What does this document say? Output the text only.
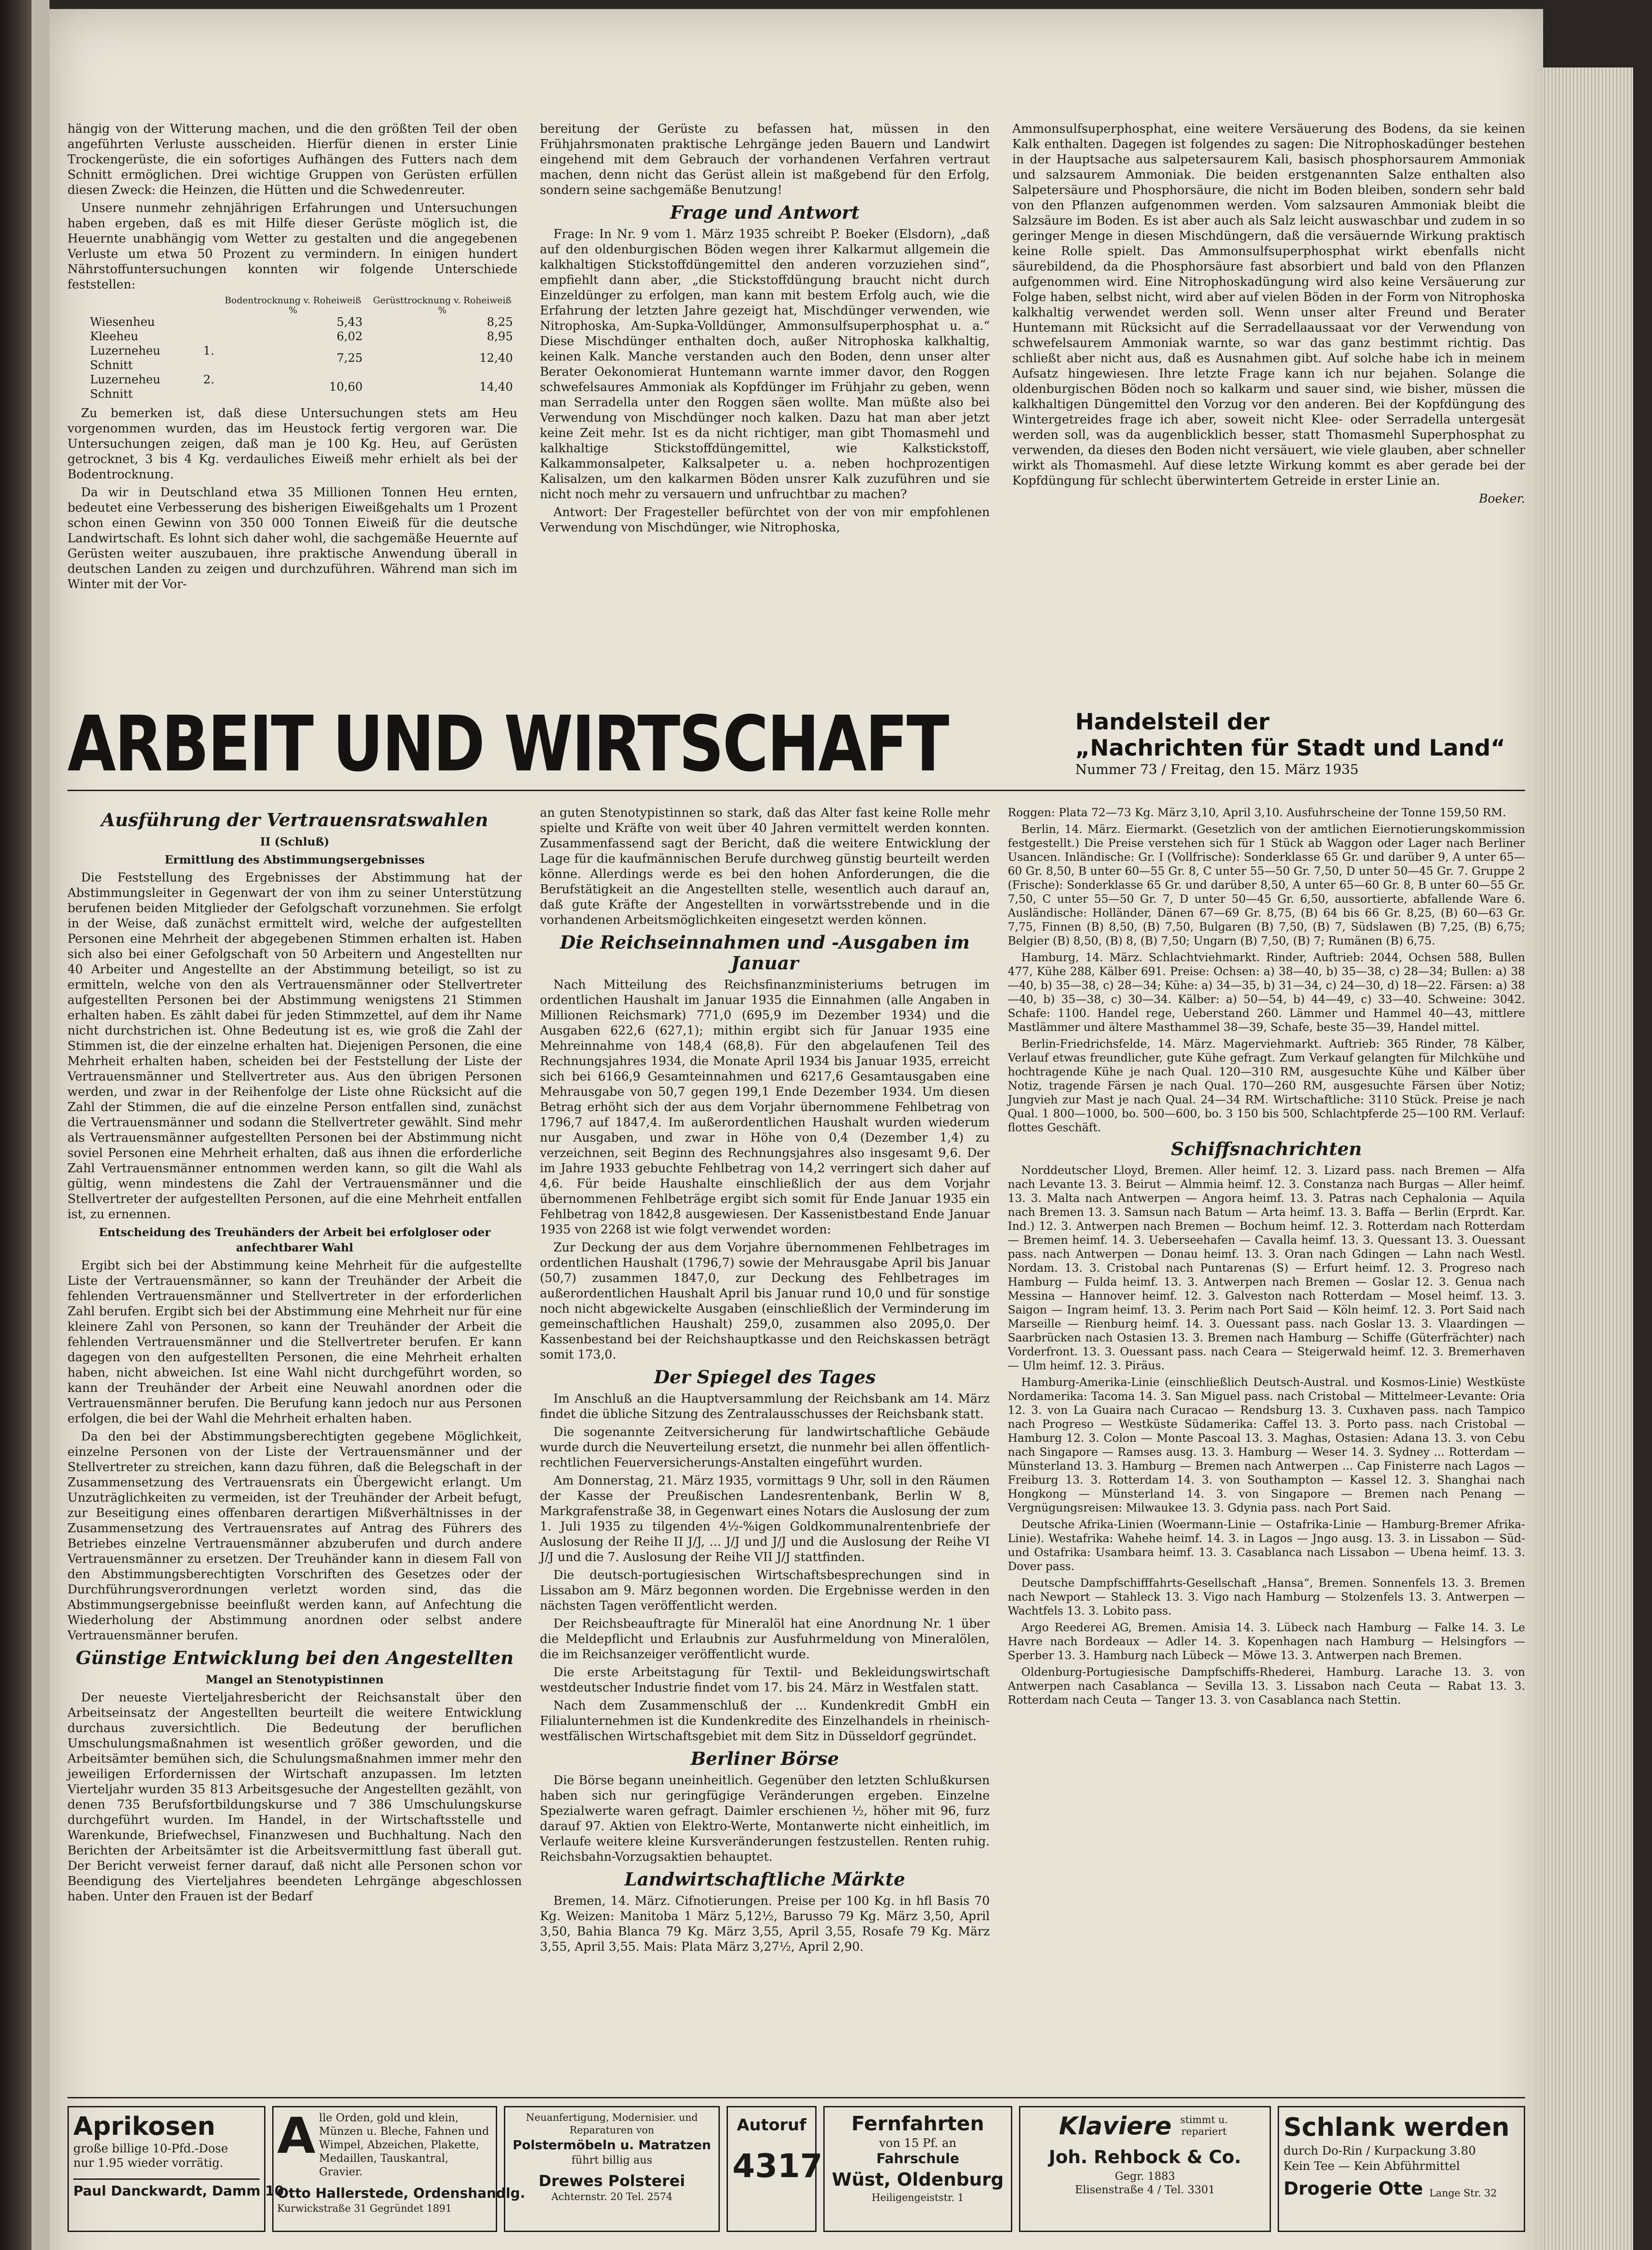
hängig von der Witterung machen, und die den größten Teil der oben angeführten Verluste ausscheiden. Hierfür dienen in erster Linie Trockengerüste, die ein sofortiges Aufhängen des Futters nach dem Schnitt ermöglichen. Drei wichtige Gruppen von Gerüsten erfüllen diesen Zweck: die Heinzen, die Hütten und die Schwedenreuter.

Unsere nunmehr zehnjährigen Erfahrungen und Untersuchungen haben ergeben, daß es mit Hilfe dieser Gerüste möglich ist, die Heuernte unabhängig vom Wetter zu gestalten und die angegebenen Verluste um etwa 50 Prozent zu vermindern. In einigen hundert Nährstoffuntersuchungen konnten wir folgende Unterschiede feststellen:

	Bodentrocknung v. Roheiweiß %	Gerüsttrocknung v. Roheiweiß %
Wiesenheu	5,43	8,25
Kleeheu	6,02	8,95
Luzerneheu 1. Schnitt	7,25	12,40
Luzerneheu 2. Schnitt	10,60	14,40

Zu bemerken ist, daß diese Untersuchungen stets am Heu vorgenommen wurden, das im Heustock fertig vergoren war. Die Untersuchungen zeigen, daß man je 100 Kg. Heu, auf Gerüsten getrocknet, 3 bis 4 Kg. verdauliches Eiweiß mehr erhielt als bei der Bodentrocknung.

Da wir in Deutschland etwa 35 Millionen Tonnen Heu ernten, bedeutet eine Verbesserung des bisherigen Eiweißgehalts um 1 Prozent schon einen Gewinn von 350 000 Tonnen Eiweiß für die deutsche Landwirtschaft. Es lohnt sich daher wohl, die sachgemäße Heuernte auf Gerüsten weiter auszubauen, ihre praktische Anwendung überall in deutschen Landen zu zeigen und durchzuführen. Während man sich im Winter mit der Vor-

bereitung der Gerüste zu befassen hat, müssen in den Frühjahrsmonaten praktische Lehrgänge jeden Bauern und Landwirt eingehend mit dem Gebrauch der vorhandenen Verfahren vertraut machen, denn nicht das Gerüst allein ist maßgebend für den Erfolg, sondern seine sachgemäße Benutzung!

Frage und Antwort

Frage: In Nr. 9 vom 1. März 1935 schreibt P. Boeker (Elsdorn), „daß auf den oldenburgischen Böden wegen ihrer Kalkarmut allgemein die kalkhaltigen Stickstoffdüngemittel den anderen vorzuziehen sind“, empfiehlt dann aber, „die Stickstoffdüngung braucht nicht durch Einzeldünger zu erfolgen, man kann mit bestem Erfolg auch, wie die Erfahrung der letzten Jahre gezeigt hat, Mischdünger verwenden, wie Nitrophoska, Am-Supka-Volldünger, Ammonsulfsuperphosphat u. a.“ Diese Mischdünger enthalten doch, außer Nitrophoska kalkhaltig, keinen Kalk. Manche verstanden auch den Boden, denn unser alter Berater Oekonomierat Huntemann warnte immer davor, den Roggen schwefelsaures Ammoniak als Kopfdünger im Frühjahr zu geben, wenn man Serradella unter den Roggen säen wollte. Man müßte also bei Verwendung von Mischdünger noch kalken. Dazu hat man aber jetzt keine Zeit mehr. Ist es da nicht richtiger, man gibt Thomasmehl und kalkhaltige Stickstoffdüngemittel, wie Kalkstickstoff, Kalkammonsalpeter, Kalksalpeter u. a. neben hochprozentigen Kalisalzen, um den kalkarmen Böden unsrer Kalk zuzuführen und sie nicht noch mehr zu versauern und unfruchtbar zu machen?

Antwort: Der Fragesteller befürchtet von der von mir empfohlenen Verwendung von Mischdünger, wie Nitrophoska,

Ammonsulfsuperphosphat, eine weitere Versäuerung des Bodens, da sie keinen Kalk enthalten. Dagegen ist folgendes zu sagen: Die Nitrophoskadünger bestehen in der Hauptsache aus salpetersaurem Kali, basisch phosphorsaurem Ammoniak und salzsaurem Ammoniak. Die beiden erstgenannten Salze enthalten also Salpetersäure und Phosphorsäure, die nicht im Boden bleiben, sondern sehr bald von den Pflanzen aufgenommen werden. Vom salzsauren Ammoniak bleibt die Salzsäure im Boden. Es ist aber auch als Salz leicht auswaschbar und zudem in so geringer Menge in diesen Mischdüngern, daß die versäuernde Wirkung praktisch keine Rolle spielt. Das Ammonsulfsuperphosphat wirkt ebenfalls nicht säurebildend, da die Phosphorsäure fast absorbiert und bald von den Pflanzen aufgenommen wird. Eine Nitrophoskadüngung wird also keine Versäuerung zur Folge haben, selbst nicht, wird aber auf vielen Böden in der Form von Nitrophoska kalkhaltig verwendet werden soll. Wenn unser alter Freund und Berater Huntemann mit Rücksicht auf die Serradellaaussaat vor der Verwendung von schwefelsaurem Ammoniak warnte, so war das ganz bestimmt richtig. Das schließt aber nicht aus, daß es Ausnahmen gibt. Auf solche habe ich in meinem Aufsatz hingewiesen. Ihre letzte Frage kann ich nur bejahen. Solange die oldenburgischen Böden noch so kalkarm und sauer sind, wie bisher, müssen die kalkhaltigen Düngemittel den Vorzug vor den anderen. Bei der Kopfdüngung des Wintergetreides frage ich aber, soweit nicht Klee- oder Serradella untergesät werden soll, was da augenblicklich besser, statt Thomasmehl Superphosphat zu verwenden, da dieses den Boden nicht versäuert, wie viele glauben, aber schneller wirkt als Thomasmehl. Auf diese letzte Wirkung kommt es aber gerade bei der Kopfdüngung für schlecht überwintertem Getreide in erster Linie an.

Boeker.
ARBEIT UND WIRTSCHAFT	Handelsteil der
„Nachrichten für Stadt und Land“
Nummer 73 / Freitag, den 15. März 1935
Ausführung der Vertrauensratswahlen
II (Schluß)
Ermittlung des Abstimmungsergebnisses

Die Feststellung des Ergebnisses der Abstimmung hat der Abstimmungsleiter in Gegenwart der von ihm zu seiner Unterstützung berufenen beiden Mitglieder der Gefolgschaft vorzunehmen. Sie erfolgt in der Weise, daß zunächst ermittelt wird, welche der aufgestellten Personen eine Mehrheit der abgegebenen Stimmen erhalten ist. Haben sich also bei einer Gefolgschaft von 50 Arbeitern und Angestellten nur 40 Arbeiter und Angestellte an der Abstimmung beteiligt, so ist zu ermitteln, welche von den als Vertrauensmänner oder Stellvertreter aufgestellten Personen bei der Abstimmung wenigstens 21 Stimmen erhalten haben. Es zählt dabei für jeden Stimmzettel, auf dem ihr Name nicht durchstrichen ist. Ohne Bedeutung ist es, wie groß die Zahl der Stimmen ist, die der einzelne erhalten hat. Diejenigen Personen, die eine Mehrheit erhalten haben, scheiden bei der Feststellung der Liste der Vertrauensmänner und Stellvertreter aus. Aus den übrigen Personen werden, und zwar in der Reihenfolge der Liste ohne Rücksicht auf die Zahl der Stimmen, die auf die einzelne Person entfallen sind, zunächst die Vertrauensmänner und sodann die Stellvertreter gewählt. Sind mehr als Vertrauensmänner aufgestellten Personen bei der Abstimmung nicht soviel Personen eine Mehrheit erhalten, daß aus ihnen die erforderliche Zahl Vertrauensmänner entnommen werden kann, so gilt die Wahl als gültig, wenn mindestens die Zahl der Vertrauensmänner und die Stellvertreter der aufgestellten Personen, auf die eine Mehrheit entfallen ist, zu ernennen.

Entscheidung des Treuhänders der Arbeit bei erfolgloser oder anfechtbarer Wahl

Ergibt sich bei der Abstimmung keine Mehrheit für die aufgestellte Liste der Vertrauensmänner, so kann der Treuhänder der Arbeit die fehlenden Vertrauensmänner und Stellvertreter in der erforderlichen Zahl berufen. Ergibt sich bei der Abstimmung eine Mehrheit nur für eine kleinere Zahl von Personen, so kann der Treuhänder der Arbeit die fehlenden Vertrauensmänner und die Stellvertreter berufen. Er kann dagegen von den aufgestellten Personen, die eine Mehrheit erhalten haben, nicht abweichen. Ist eine Wahl nicht durchgeführt worden, so kann der Treuhänder der Arbeit eine Neuwahl anordnen oder die Vertrauensmänner berufen. Die Berufung kann jedoch nur aus Personen erfolgen, die bei der Wahl die Mehrheit erhalten haben.

Da den bei der Abstimmungsberechtigten gegebene Möglichkeit, einzelne Personen von der Liste der Vertrauensmänner und der Stellvertreter zu streichen, kann dazu führen, daß die Belegschaft in der Zusammensetzung des Vertrauensrats ein Übergewicht erlangt. Um Unzuträglichkeiten zu vermeiden, ist der Treuhänder der Arbeit befugt, zur Beseitigung eines offenbaren derartigen Mißverhältnisses in der Zusammensetzung des Vertrauensrates auf Antrag des Führers des Betriebes einzelne Vertrauensmänner abzuberufen und durch andere Vertrauensmänner zu ersetzen. Der Treuhänder kann in diesem Fall von den Abstimmungsberechtigten Vorschriften des Gesetzes oder der Durchführungsverordnungen verletzt worden sind, das die Abstimmungsergebnisse beeinflußt werden kann, auf Anfechtung die Wiederholung der Abstimmung anordnen oder selbst andere Vertrauensmänner berufen.

Günstige Entwicklung bei den Angestellten
Mangel an Stenotypistinnen

Der neueste Vierteljahresbericht der Reichsanstalt über den Arbeitseinsatz der Angestellten beurteilt die weitere Entwicklung durchaus zuversichtlich. Die Bedeutung der beruflichen Umschulungsmaßnahmen ist wesentlich größer geworden, und die Arbeitsämter bemühen sich, die Schulungsmaßnahmen immer mehr den jeweiligen Erfordernissen der Wirtschaft anzupassen. Im letzten Vierteljahr wurden 35 813 Arbeitsgesuche der Angestellten gezählt, von denen 735 Berufsfortbildungskurse und 7 386 Umschulungskurse durchgeführt wurden. Im Handel, in der Wirtschaftsstelle und Warenkunde, Briefwechsel, Finanzwesen und Buchhaltung. Nach den Berichten der Arbeitsämter ist die Arbeitsvermittlung fast überall gut. Der Bericht verweist ferner darauf, daß nicht alle Personen schon vor Beendigung des Vierteljahres beendeten Lehrgänge abgeschlossen haben. Unter den Frauen ist der Bedarf

an guten Stenotypistinnen so stark, daß das Alter fast keine Rolle mehr spielte und Kräfte von weit über 40 Jahren vermittelt werden konnten. Zusammenfassend sagt der Bericht, daß die weitere Entwicklung der Lage für die kaufmännischen Berufe durchweg günstig beurteilt werden könne. Allerdings werde es bei den hohen Anforderungen, die die Berufstätigkeit an die Angestellten stelle, wesentlich auch darauf an, daß gute Kräfte der Angestellten in vorwärtsstrebende und in die vorhandenen Arbeitsmöglichkeiten eingesetzt werden können.

Die Reichseinnahmen und -Ausgaben im Januar

Nach Mitteilung des Reichsfinanzministeriums betrugen im ordentlichen Haushalt im Januar 1935 die Einnahmen (alle Angaben in Millionen Reichsmark) 771,0 (695,9 im Dezember 1934) und die Ausgaben 622,6 (627,1); mithin ergibt sich für Januar 1935 eine Mehreinnahme von 148,4 (68,8). Für den abgelaufenen Teil des Rechnungsjahres 1934, die Monate April 1934 bis Januar 1935, erreicht sich bei 6166,9 Gesamteinnahmen und 6217,6 Gesamtausgaben eine Mehrausgabe von 50,7 gegen 199,1 Ende Dezember 1934. Um diesen Betrag erhöht sich der aus dem Vorjahr übernommene Fehlbetrag von 1796,7 auf 1847,4. Im außerordentlichen Haushalt wurden wiederum nur Ausgaben, und zwar in Höhe von 0,4 (Dezember 1,4) zu verzeichnen, seit Beginn des Rechnungsjahres also insgesamt 9,6. Der im Jahre 1933 gebuchte Fehlbetrag von 14,2 verringert sich daher auf 4,6. Für beide Haushalte einschließlich der aus dem Vorjahr übernommenen Fehlbeträge ergibt sich somit für Ende Januar 1935 ein Fehlbetrag von 1842,8 ausgewiesen. Der Kassenistbestand Ende Januar 1935 von 2268 ist wie folgt verwendet worden:

Zur Deckung der aus dem Vorjahre übernommenen Fehlbetrages im ordentlichen Haushalt (1796,7) sowie der Mehrausgabe April bis Januar (50,7) zusammen 1847,0, zur Deckung des Fehlbetrages im außerordentlichen Haushalt April bis Januar rund 10,0 und für sonstige noch nicht abgewickelte Ausgaben (einschließlich der Verminderung im gemeinschaftlichen Haushalt) 259,0, zusammen also 2095,0. Der Kassenbestand bei der Reichshauptkasse und den Reichskassen beträgt somit 173,0.

Der Spiegel des Tages

Im Anschluß an die Hauptversammlung der Reichsbank am 14. März findet die übliche Sitzung des Zentralausschusses der Reichsbank statt.

Die sogenannte Zeitversicherung für landwirtschaftliche Gebäude wurde durch die Neuverteilung ersetzt, die nunmehr bei allen öffentlich-rechtlichen Feuerversicherungs-Anstalten eingeführt wurden.

Am Donnerstag, 21. März 1935, vormittags 9 Uhr, soll in den Räumen der Kasse der Preußischen Landesrentenbank, Berlin W 8, Markgrafenstraße 38, in Gegenwart eines Notars die Auslosung der zum 1. Juli 1935 zu tilgenden 4½-%igen Goldkommunalrentenbriefe der Auslosung der Reihe II J/J, ... J/J und J/J und die Auslosung der Reihe VI J/J und die 7. Auslosung der Reihe VII J/J stattfinden.

Die deutsch-portugiesischen Wirtschaftsbesprechungen sind in Lissabon am 9. März begonnen worden. Die Ergebnisse werden in den nächsten Tagen veröffentlicht werden.

Der Reichsbeauftragte für Mineralöl hat eine Anordnung Nr. 1 über die Meldepflicht und Erlaubnis zur Ausfuhrmeldung von Mineralölen, die im Reichsanzeiger veröffentlicht wurde.

Die erste Arbeitstagung für Textil- und Bekleidungswirtschaft westdeutscher Industrie findet vom 17. bis 24. März in Westfalen statt.

Nach dem Zusammenschluß der ... Kundenkredit GmbH ein Filialunternehmen ist die Kundenkredite des Einzelhandels in rheinisch-westfälischen Wirtschaftsgebiet mit dem Sitz in Düsseldorf gegründet.

Berliner Börse

Die Börse begann uneinheitlich. Gegenüber den letzten Schlußkursen haben sich nur geringfügige Veränderungen ergeben. Einzelne Spezialwerte waren gefragt. Daimler erschienen ½, höher mit 96, furz darauf 97. Aktien von Elektro-Werte, Montanwerte nicht einheitlich, im Verlaufe weitere kleine Kursveränderungen festzustellen. Renten ruhig. Reichsbahn-Vorzugsaktien behauptet.

Landwirtschaftliche Märkte

Bremen, 14. März. Cifnotierungen. Preise per 100 Kg. in hfl Basis 70 Kg. Weizen: Manitoba 1 März 5,12½, Barusso 79 Kg. März 3,50, April 3,50, Bahia Blanca 79 Kg. März 3,55, April 3,55, Rosafe 79 Kg. März 3,55, April 3,55. Mais: Plata März 3,27½, April 2,90.

Roggen: Plata 72—73 Kg. März 3,10, April 3,10. Ausfuhrscheine der Tonne 159,50 RM.

Berlin, 14. März. Eiermarkt. (Gesetzlich von der amtlichen Eiernotierungskommission festgestellt.) Die Preise verstehen sich für 1 Stück ab Waggon oder Lager nach Berliner Usancen. Inländische: Gr. I (Vollfrische): Sonderklasse 65 Gr. und darüber 9, A unter 65—60 Gr. 8,50, B unter 60—55 Gr. 8, C unter 55—50 Gr. 7,50, D unter 50—45 Gr. 7. Gruppe 2 (Frische): Sonderklasse 65 Gr. und darüber 8,50, A unter 65—60 Gr. 8, B unter 60—55 Gr. 7,50, C unter 55—50 Gr. 7, D unter 50—45 Gr. 6,50, aussortierte, abfallende Ware 6. Ausländische: Holländer, Dänen 67—69 Gr. 8,75, (B) 64 bis 66 Gr. 8,25, (B) 60—63 Gr. 7,75, Finnen (B) 8,50, (B) 7,50, Bulgaren (B) 7,50, (B) 7, Südslawen (B) 7,25, (B) 6,75; Belgier (B) 8,50, (B) 8, (B) 7,50; Ungarn (B) 7,50, (B) 7; Rumänen (B) 6,75.

Hamburg, 14. März. Schlachtviehmarkt. Rinder, Auftrieb: 2044, Ochsen 588, Bullen 477, Kühe 288, Kälber 691. Preise: Ochsen: a) 38—40, b) 35—38, c) 28—34; Bullen: a) 38—40, b) 35—38, c) 28—34; Kühe: a) 34—35, b) 31—34, c) 24—30, d) 18—22. Färsen: a) 38—40, b) 35—38, c) 30—34. Kälber: a) 50—54, b) 44—49, c) 33—40. Schweine: 3042. Schafe: 1100. Handel rege, Ueberstand 260. Lämmer und Hammel 40—43, mittlere Mastlämmer und ältere Masthammel 38—39, Schafe, beste 35—39, Handel mittel.

Berlin-Friedrichsfelde, 14. März. Magerviehmarkt. Auftrieb: 365 Rinder, 78 Kälber, Verlauf etwas freundlicher, gute Kühe gefragt. Zum Verkauf gelangten für Milchkühe und hochtragende Kühe je nach Qual. 120—310 RM, ausgesuchte Kühe und Kälber über Notiz, tragende Färsen je nach Qual. 170—260 RM, ausgesuchte Färsen über Notiz; Jungvieh zur Mast je nach Qual. 24—34 RM. Wirtschaftliche: 3110 Stück. Preise je nach Qual. 1 800—1000, bo. 500—600, bo. 3 150 bis 500, Schlachtpferde 25—100 RM. Verlauf: flottes Geschäft.

Schiffsnachrichten

Norddeutscher Lloyd, Bremen. Aller heimf. 12. 3. Lizard pass. nach Bremen — Alfa nach Levante 13. 3. Beirut — Almmia heimf. 12. 3. Constanza nach Burgas — Aller heimf. 13. 3. Malta nach Antwerpen — Angora heimf. 13. 3. Patras nach Cephalonia — Aquila nach Bremen 13. 3. Samsun nach Batum — Arta heimf. 13. 3. Baffa — Berlin (Erprdt. Kar. Ind.) 12. 3. Antwerpen nach Bremen — Bochum heimf. 12. 3. Rotterdam nach Rotterdam — Bremen heimf. 14. 3. Ueberseehafen — Cavalla heimf. 13. 3. Quessant 13. 3. Ouessant pass. nach Antwerpen — Donau heimf. 13. 3. Oran nach Gdingen — Lahn nach Westl. Nordam. 13. 3. Cristobal nach Puntarenas (S) — Erfurt heimf. 12. 3. Progreso nach Hamburg — Fulda heimf. 13. 3. Antwerpen nach Bremen — Goslar 12. 3. Genua nach Messina — Hannover heimf. 12. 3. Galveston nach Rotterdam — Mosel heimf. 13. 3. Saigon — Ingram heimf. 13. 3. Perim nach Port Said — Köln heimf. 12. 3. Port Said nach Marseille — Rienburg heimf. 14. 3. Ouessant pass. nach Goslar 13. 3. Vlaardingen — Saarbrücken nach Ostasien 13. 3. Bremen nach Hamburg — Schiffe (Güterfrächter) nach Vorderfront. 13. 3. Ouessant pass. nach Ceara — Steigerwald heimf. 12. 3. Bremerhaven — Ulm heimf. 12. 3. Piräus.

Hamburg-Amerika-Linie (einschließlich Deutsch-Austral. und Kosmos-Linie) Westküste Nordamerika: Tacoma 14. 3. San Miguel pass. nach Cristobal — Mittelmeer-Levante: Oria 12. 3. von La Guaira nach Curacao — Rendsburg 13. 3. Cuxhaven pass. nach Tampico nach Progreso — Westküste Südamerika: Caffel 13. 3. Porto pass. nach Cristobal — Hamburg 12. 3. Colon — Monte Pascoal 13. 3. Maghas, Ostasien: Adana 13. 3. von Cebu nach Singapore — Ramses ausg. 13. 3. Hamburg — Weser 14. 3. Sydney ... Rotterdam — Münsterland 13. 3. Hamburg — Bremen nach Antwerpen ... Cap Finisterre nach Lagos — Freiburg 13. 3. Rotterdam 14. 3. von Southampton — Kassel 12. 3. Shanghai nach Hongkong — Münsterland 14. 3. von Singapore — Bremen nach Penang — Vergnügungsreisen: Milwaukee 13. 3. Gdynia pass. nach Port Said.

Deutsche Afrika-Linien (Woermann-Linie — Ostafrika-Linie — Hamburg-Bremer Afrika-Linie). Westafrika: Wahehe heimf. 14. 3. in Lagos — Jngo ausg. 13. 3. in Lissabon — Süd- und Ostafrika: Usambara heimf. 13. 3. Casablanca nach Lissabon — Ubena heimf. 13. 3. Dover pass.

Deutsche Dampfschifffahrts-Gesellschaft „Hansa“, Bremen. Sonnenfels 13. 3. Bremen nach Newport — Stahleck 13. 3. Vigo nach Hamburg — Stolzenfels 13. 3. Antwerpen — Wachtfels 13. 3. Lobito pass.

Argo Reederei AG, Bremen. Amisia 14. 3. Lübeck nach Hamburg — Falke 14. 3. Le Havre nach Bordeaux — Adler 14. 3. Kopenhagen nach Hamburg — Helsingfors — Sperber 13. 3. Hamburg nach Lübeck — Möwe 13. 3. Antwerpen nach Bremen.

Oldenburg-Portugiesische Dampfschiffs-Rhederei, Hamburg. Larache 13. 3. von Antwerpen nach Casablanca — Sevilla 13. 3. Lissabon nach Ceuta — Rabat 13. 3. Rotterdam nach Ceuta — Tanger 13. 3. von Casablanca nach Stettin.

Aprikosen
große billige 10-Pfd.-Dose
nur 1.95 wieder vorrätig.
Paul Danckwardt, Damm 10
A lle Orden, gold und klein,
Münzen u. Bleche, Fahnen und
Wimpel, Abzeichen, Plakette, Medaillen, Tauskantral, Gravier.
Otto Hallerstede, Ordenshandlg.
Kurwickstraße 31 Gegründet 1891
Neuanfertigung, Modernisier. und Reparaturen von
Polstermöbeln u. Matratzen
führt billig aus
Drewes Polsterei
Achternstr. 20 Tel. 2574
Autoruf
4317
Fernfahrten
von 15 Pf. an
Fahrschule
Wüst, Oldenburg
Heiligengeiststr. 1
Klaviere stimmt u. repariert
Joh. Rehbock & Co.
Gegr. 1883
Elisenstraße 4 / Tel. 3301
Schlank werden
durch Do-Rin / Kurpackung 3.80
Kein Tee — Kein Abführmittel
Drogerie Otte Lange Str. 32
